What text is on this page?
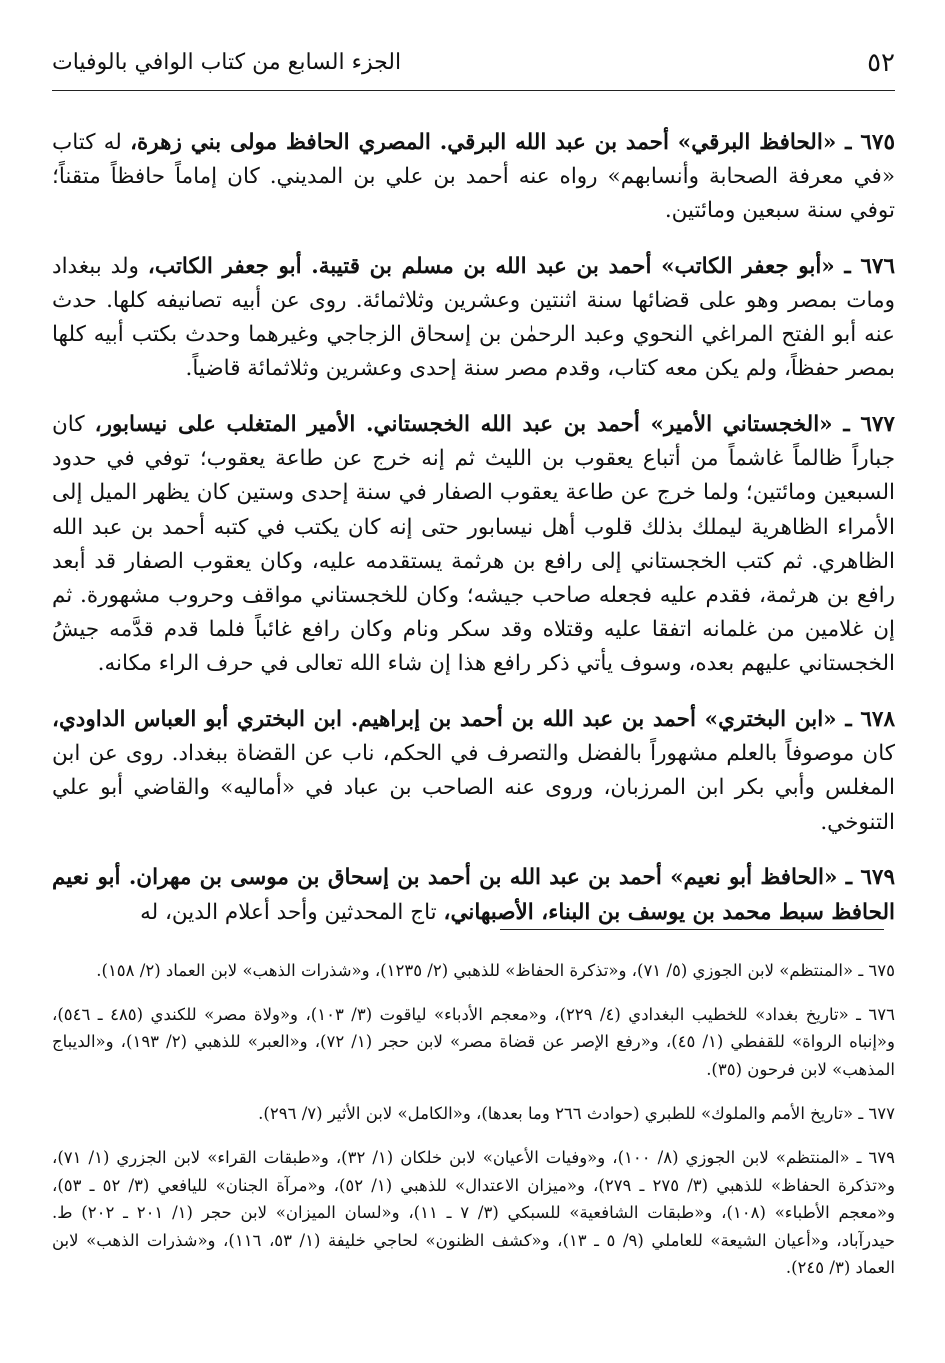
٥٢
الجزء السابع من كتاب الوافي بالوفيات

٦٧٥ ـ «الحافظ البرقي» أحمد بن عبد الله البرقي. المصري الحافظ مولى بني زهرة، له كتاب «في معرفة الصحابة وأنسابهم» رواه عنه أحمد بن علي بن المديني. كان إماماً حافظاً متقناً؛ توفي سنة سبعين ومائتين.

٦٧٦ ـ «أبو جعفر الكاتب» أحمد بن عبد الله بن مسلم بن قتيبة. أبو جعفر الكاتب، ولد ببغداد ومات بمصر وهو على قضائها سنة اثنتين وعشرين وثلاثمائة. روى عن أبيه تصانيفه كلها. حدث عنه أبو الفتح المراغي النحوي وعبد الرحمٰن بن إسحاق الزجاجي وغيرهما وحدث بكتب أبيه كلها بمصر حفظاً، ولم يكن معه كتاب، وقدم مصر سنة إحدى وعشرين وثلاثمائة قاضياً.

٦٧٧ ـ «الخجستاني الأمير» أحمد بن عبد الله الخجستاني. الأمير المتغلب على نيسابور، كان جباراً ظالماً غاشماً من أتباع يعقوب بن الليث ثم إنه خرج عن طاعة يعقوب؛ توفي في حدود السبعين ومائتين؛ ولما خرج عن طاعة يعقوب الصفار في سنة إحدى وستين كان يظهر الميل إلى الأمراء الظاهرية ليملك بذلك قلوب أهل نيسابور حتى إنه كان يكتب في كتبه أحمد بن عبد الله الظاهري. ثم كتب الخجستاني إلى رافع بن هرثمة يستقدمه عليه، وكان يعقوب الصفار قد أبعد رافع بن هرثمة، فقدم عليه فجعله صاحب جيشه؛ وكان للخجستاني مواقف وحروب مشهورة. ثم إن غلامين من غلمانه اتفقا عليه وقتلاه وقد سكر ونام وكان رافع غائباً فلما قدم قدَّمه جيشُ الخجستاني عليهم بعده، وسوف يأتي ذكر رافع هذا إن شاء الله تعالى في حرف الراء مكانه.

٦٧٨ ـ «ابن البختري» أحمد بن عبد الله بن أحمد بن إبراهيم. ابن البختري أبو العباس الداودي، كان موصوفاً بالعلم مشهوراً بالفضل والتصرف في الحكم، ناب عن القضاة ببغداد. روى عن ابن المغلس وأبي بكر ابن المرزبان، وروى عنه الصاحب بن عباد في «أماليه» والقاضي أبو علي التنوخي.

٦٧٩ ـ «الحافظ أبو نعيم» أحمد بن عبد الله بن أحمد بن إسحاق بن موسى بن مهران. أبو نعيم الحافظ سبط محمد بن يوسف بن البناء، الأصبهاني، تاج المحدثين وأحد أعلام الدين، له

٦٧٥ ـ «المنتظم» لابن الجوزي (٥/ ٧١)، و«تذكرة الحفاظ» للذهبي (٢/ ١٢٣٥)، و«شذرات الذهب» لابن العماد (٢/ ١٥٨).

٦٧٦ ـ «تاريخ بغداد» للخطيب البغدادي (٤/ ٢٢٩)، و«معجم الأدباء» لياقوت (٣/ ١٠٣)، و«ولاة مصر» للكندي (٤٨٥ ـ ٥٤٦)، و«إنباه الرواة» للقفطي (١/ ٤٥)، و«رفع الإصر عن قضاة مصر» لابن حجر (١/ ٧٢)، و«العبر» للذهبي (٢/ ١٩٣)، و«الديباج المذهب» لابن فرحون (٣٥).

٦٧٧ ـ «تاريخ الأمم والملوك» للطبري (حوادث ٢٦٦ وما بعدها)، و«الكامل» لابن الأثير (٧/ ٢٩٦).

٦٧٩ ـ «المنتظم» لابن الجوزي (٨/ ١٠٠)، و«وفيات الأعيان» لابن خلكان (١/ ٣٢)، و«طبقات القراء» لابن الجزري (١/ ٧١)، و«تذكرة الحفاظ» للذهبي (٣/ ٢٧٥ ـ ٢٧٩)، و«ميزان الاعتدال» للذهبي (١/ ٥٢)، و«مرآة الجنان» لليافعي (٣/ ٥٢ ـ ٥٣)، و«معجم الأطباء» (١٠٨)، و«طبقات الشافعية» للسبكي (٣/ ٧ ـ ١١)، و«لسان الميزان» لابن حجر (١/ ٢٠١ ـ ٢٠٢) ط. حيدرآباد، و«أعيان الشيعة» للعاملي (٩/ ٥ ـ ١٣)، و«كشف الظنون» لحاجي خليفة (١/ ٥٣، ١١٦)، و«شذرات الذهب» لابن العماد (٣/ ٢٤٥).
